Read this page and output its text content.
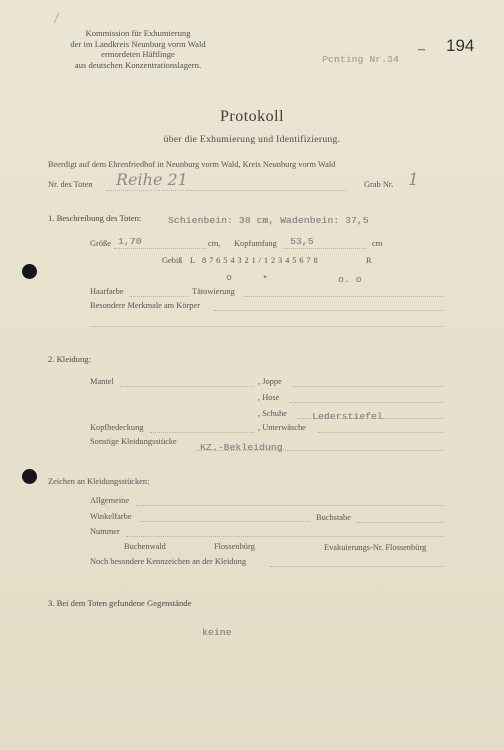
Kommission für Exhumierung
der im Landkreis Neunburg vorm Wald
ermordeten Häftlinge
aus deutschen Konzentrationslagern.	Pcnting Nr.34
– 194
Protokoll
über die Exhumierung und Identifizierung.
Beerdigt auf dem Ehrenfriedhof in Neunburg vorm Wald, Kreis Neunburg vorm Wald
Nr. des Toten Reihe 21	Grab Nr. 1
1. Beschreibung des Toten:	Schienbein: 38 cm, Wadenbein: 37,5
Größe 1,70	cm, Kopfumfang 53,5	cm
Gebiß L 8 7 6 5 4 3 2 1 / 1 2 3 4 5 6 7 8	R
o	•	o. o
Haarfarbe	Tätowierung
Besondere Merkmale am Körper
2. Kleidung:
Mantel	, Joppe
, Hose
, Schuhe	Lederstiefel
Kopfbedeckung	, Unterwäsche
Sonstige Kleidungsstücke
KZ.-Bekleidung
Zeichen an Kleidungsstücken:
Allgemeine
Winkelfarbe	Buchstabe
Nummer
Buchenwald	Flossenbürg	Evakuierungs-Nr. Flossenbürg
Noch besondere Kennzeichen an der Kleidung
3. Bei dem Toten gefundene Gegenstände
keine
